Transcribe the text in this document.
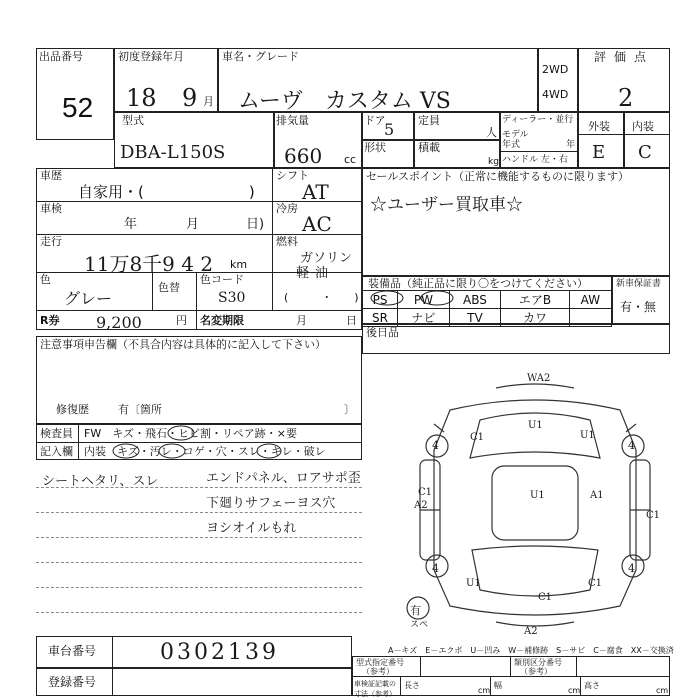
出品番号
52
初度登録年月
18 9 月
車名・グレード
ムーヴ　カスタム VS
2WD
4WD
評価点
2
型式
DBA-L150S
排気量
660 cc
ドア
5 定員
人
形状	積載
kg
ディーラー・並行
モデル
年式	年
ハンドル 左・右
外装
E
内装
C
車歴
自家用・(　　　　　　　)
シフト
AT
車検
年	月	日)
冷房
AC
走行
11万8千9 4 2 km
燃料
ガソリン
軽油
(　　　・　　)
色
グレー
色替
色コード
S30
R券 9,200	円 名変期限	月	日
セールスポイント（正常に機能するものに限ります）
☆ユーザー買取車☆
装備品（純正品に限り〇をつけてください）
PS	PW	ABS	エアB	AW
SR	ナビ	TV	カワ	
新車保証書
有・無
後日品
注意事項申告欄（不具合内容は具体的に記入して下さい）
修復歴	有〔箇所	〕
検査員 FW　キズ・飛石・ヒビ割・リペア跡・×要
記入欄 内装　キズ・汚レ・コゲ・穴・スレ・キレ・破レ
シートヘタリ、スレ	エンドパネル、ロアサポ歪
下廻りサフェーヨス穴
ヨシオイルもれ
WA2
U1
C1
4
U1
4
C1
A2
U1	A1
C1
4
U1	C1
C1
4
A2
有
スペ
A－キズ　E－エクボ　U－凹み　W－補修跡　S－サビ　C－腐食　XX－交換済
車台番号	0302139
登録番号
型式指定番号
（参考）
類別区分番号
（参考）
車検証記載の寸法（参考）
長さ
cm
幅
cm
高さ
cm
